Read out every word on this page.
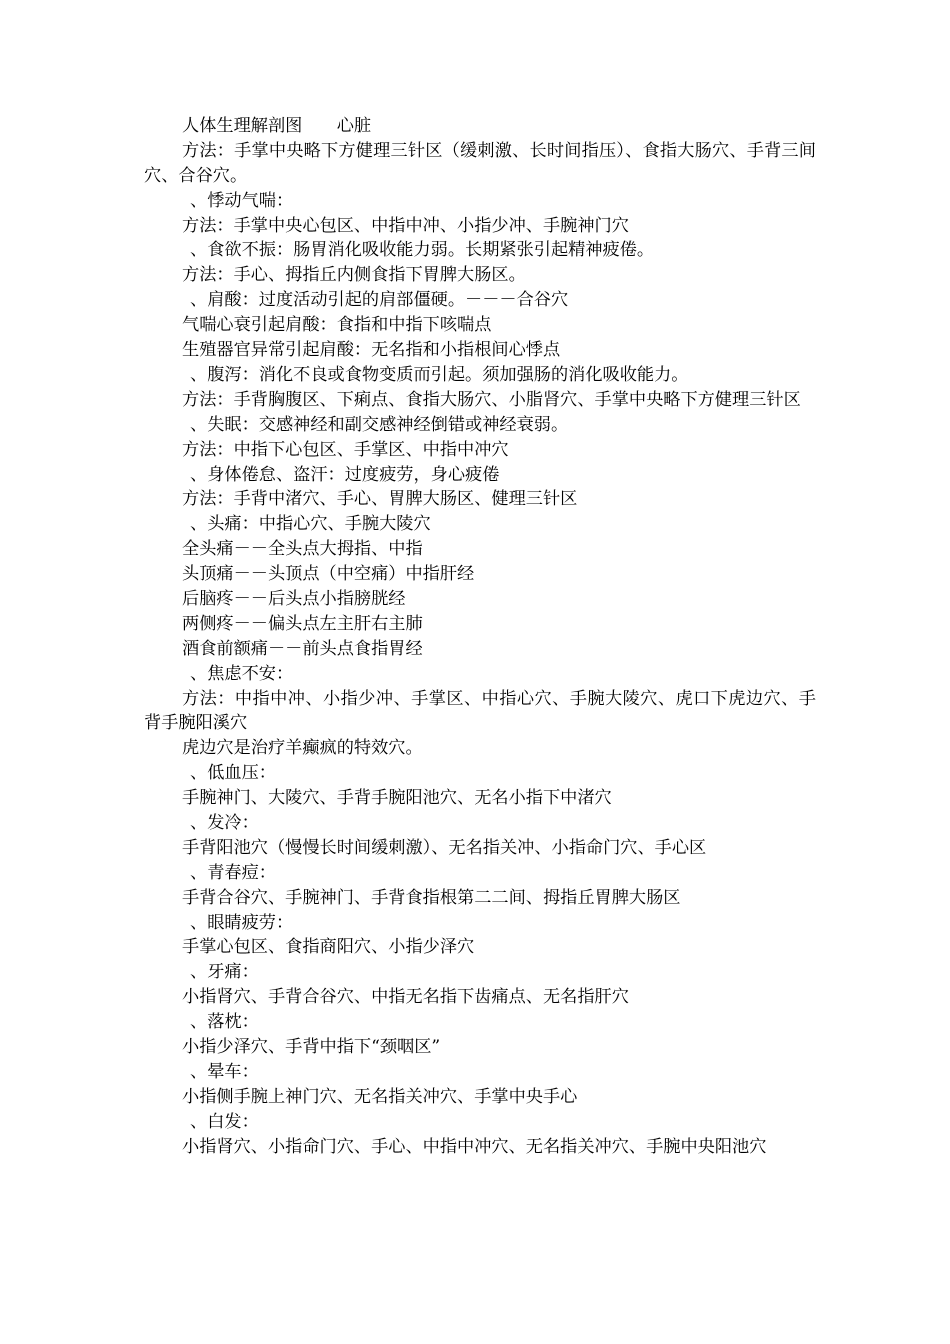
人体生理解剖图　　心脏

方法：手掌中央略下方健理三针区（缓刺激、长时间指压）、食指大肠穴、手背三间穴、合谷穴。

、悸动气喘：

方法：手掌中央心包区、中指中冲、小指少冲、手腕神门穴

、食欲不振：肠胃消化吸收能力弱。长期紧张引起精神疲倦。

方法：手心、拇指丘内侧食指下胃脾大肠区。

、肩酸：过度活动引起的肩部僵硬。－－－合谷穴

气喘心衰引起肩酸：食指和中指下咳喘点

生殖器官异常引起肩酸：无名指和小指根间心悸点

、腹泻：消化不良或食物变质而引起。须加强肠的消化吸收能力。

方法：手背胸腹区、下痢点、食指大肠穴、小脂肾穴、手掌中央略下方健理三针区

、失眠：交感神经和副交感神经倒错或神经衰弱。

方法：中指下心包区、手掌区、中指中冲穴

、身体倦怠、盗汗：过度疲劳，身心疲倦

方法：手背中渚穴、手心、胃脾大肠区、健理三针区

、头痛：中指心穴、手腕大陵穴

全头痛－－全头点大拇指、中指

头顶痛－－头顶点（中空痛）中指肝经

后脑疼－－后头点小指膀胱经

两侧疼－－偏头点左主肝右主肺

酒食前额痛－－前头点食指胃经

、焦虑不安：

方法：中指中冲、小指少冲、手掌区、中指心穴、手腕大陵穴、虎口下虎边穴、手背手腕阳溪穴

虎边穴是治疗羊癫疯的特效穴。

、低血压：

手腕神门、大陵穴、手背手腕阳池穴、无名小指下中渚穴

、发冷：

手背阳池穴（慢慢长时间缓刺激）、无名指关冲、小指命门穴、手心区

、青春痘：

手背合谷穴、手腕神门、手背食指根第二二间、拇指丘胃脾大肠区

、眼睛疲劳：

手掌心包区、食指商阳穴、小指少泽穴

、牙痛：

小指肾穴、手背合谷穴、中指无名指下齿痛点、无名指肝穴

、落枕：

小指少泽穴、手背中指下“颈咽区”

、晕车：

小指侧手腕上神门穴、无名指关冲穴、手掌中央手心

、白发：

小指肾穴、小指命门穴、手心、中指中冲穴、无名指关冲穴、手腕中央阳池穴
